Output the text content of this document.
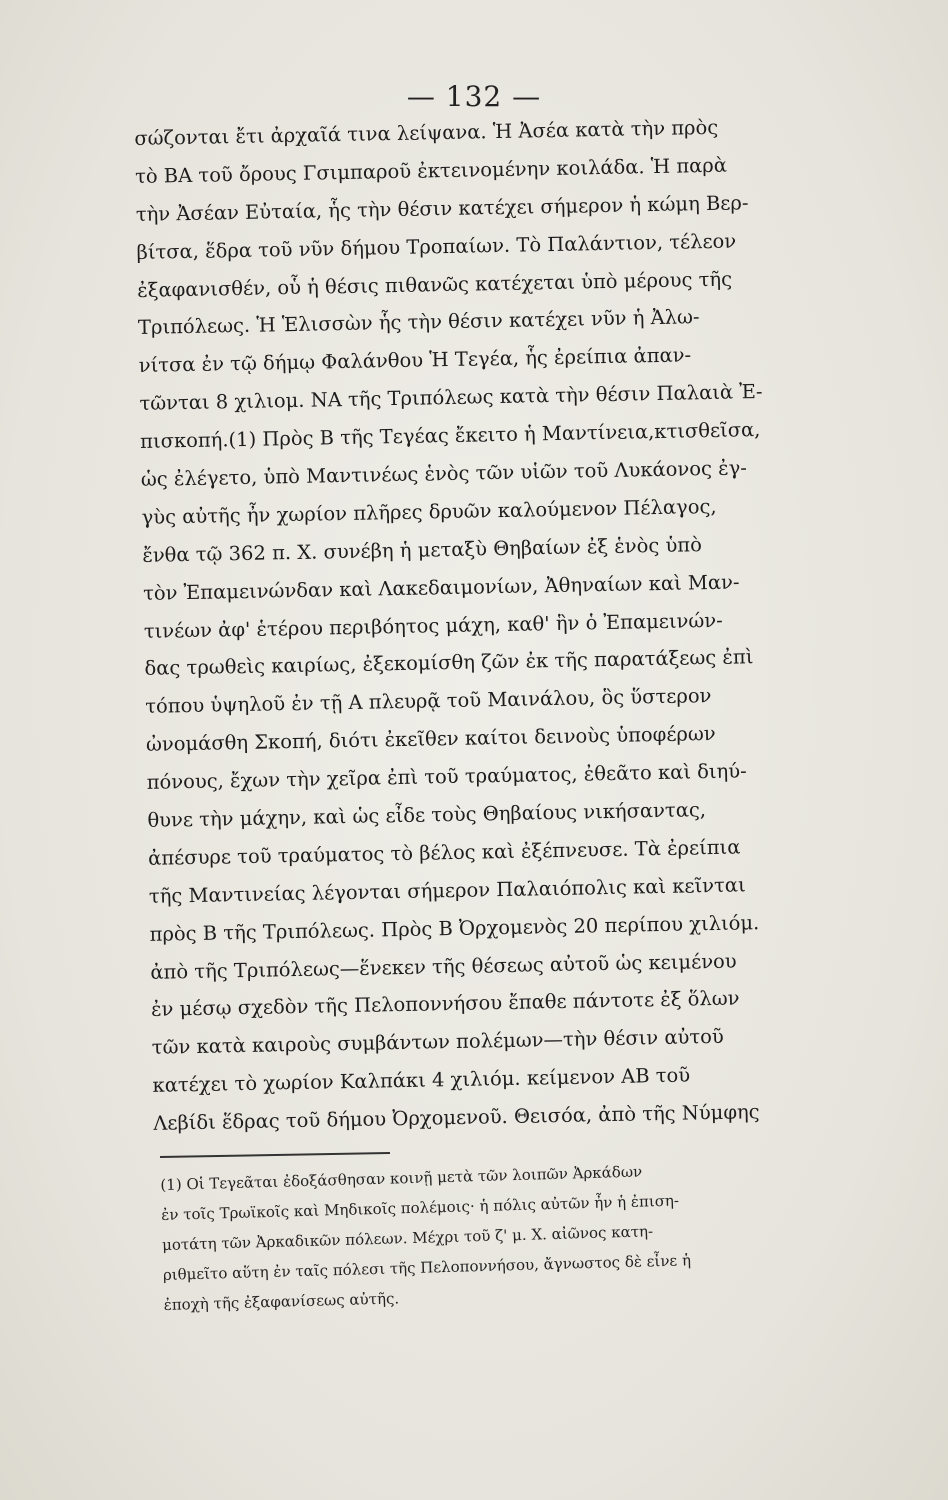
— 132 —
σώζονται ἔτι ἀρχαῖά τινα λείψανα. Ἡ Ἀσέα κατὰ τὴν πρὸς
τὸ ΒΑ τοῦ ὄρους Γσιμπαροῦ ἐκτεινομένην κοιλάδα. Ἡ παρὰ
τὴν Ἀσέαν Εὐταία, ἧς τὴν θέσιν κατέχει σήμερον ἡ κώμη Βερ-
βίτσα, ἕδρα τοῦ νῦν δήμου Τροπαίων. Τὸ Παλάντιον, τέλεον
ἐξαφανισθέν, οὗ ἡ θέσις πιθανῶς κατέχεται ὑπὸ μέρους τῆς
Τριπόλεως. Ἡ Ἑλισσὼν ἧς τὴν θέσιν κατέχει νῦν ἡ Ἀλω-
νίτσα ἐν τῷ δήμῳ Φαλάνθου Ἡ Τεγέα, ἧς ἐρείπια ἀπαν-
τῶνται 8 χιλιομ. ΝΑ τῆς Τριπόλεως κατὰ τὴν θέσιν Παλαιὰ Ἐ-
πισκοπή.(1) Πρὸς Β τῆς Τεγέας ἔκειτο ἡ Μαντίνεια,κτισθεῖσα,
ὡς ἐλέγετο, ὑπὸ Μαντινέως ἑνὸς τῶν υἱῶν τοῦ Λυκάονος ἐγ-
γὺς αὐτῆς ἦν χωρίον πλῆρες δρυῶν καλούμενον Πέλαγος,
ἔνθα τῷ 362 π. Χ. συνέβη ἡ μεταξὺ Θηβαίων ἐξ ἑνὸς ὑπὸ
τὸν Ἐπαμεινώνδαν καὶ Λακεδαιμονίων, Ἀθηναίων καὶ Μαν-
τινέων ἀφ' ἑτέρου περιβόητος μάχη, καθ' ἣν ὁ Ἐπαμεινών-
δας τρωθεὶς καιρίως, ἐξεκομίσθη ζῶν ἐκ τῆς παρατάξεως ἐπὶ
τόπου ὑψηλοῦ ἐν τῇ Α πλευρᾷ τοῦ Μαινάλου, ὃς ὕστερον
ὠνομάσθη Σκοπή, διότι ἐκεῖθεν καίτοι δεινοὺς ὑποφέρων
πόνους, ἔχων τὴν χεῖρα ἐπὶ τοῦ τραύματος, ἐθεᾶτο καὶ διηύ-
θυνε τὴν μάχην, καὶ ὡς εἶδε τοὺς Θηβαίους νικήσαντας,
ἀπέσυρε τοῦ τραύματος τὸ βέλος καὶ ἐξέπνευσε. Τὰ ἐρείπια
τῆς Μαντινείας λέγονται σήμερον Παλαιόπολις καὶ κεῖνται
πρὸς Β τῆς Τριπόλεως. Πρὸς Β Ὀρχομενὸς 20 περίπου χιλιόμ.
ἀπὸ τῆς Τριπόλεως—ἕνεκεν τῆς θέσεως αὐτοῦ ὡς κειμένου
ἐν μέσῳ σχεδὸν τῆς Πελοποννήσου ἔπαθε πάντοτε ἐξ ὅλων
τῶν κατὰ καιροὺς συμβάντων πολέμων—τὴν θέσιν αὐτοῦ
κατέχει τὸ χωρίον Καλπάκι 4 χιλιόμ. κείμενον ΑΒ τοῦ
Λεβίδι ἕδρας τοῦ δήμου Ὀρχομενοῦ. Θεισόα, ἀπὸ τῆς Νύμφης
(1) Οἱ Τεγεᾶται ἐδοξάσθησαν κοινῇ μετὰ τῶν λοιπῶν Ἀρκάδων
ἐν τοῖς Τρωϊκοῖς καὶ Μηδικοῖς πολέμοις· ἡ πόλις αὐτῶν ἦν ἡ ἐπιση-
μοτάτη τῶν Ἀρκαδικῶν πόλεων. Μέχρι τοῦ ζ' μ. Χ. αἰῶνος κατη-
ριθμεῖτο αὕτη ἐν ταῖς πόλεσι τῆς Πελοποννήσου, ἄγνωστος δὲ εἶνε ἡ
ἐποχὴ τῆς ἐξαφανίσεως αὐτῆς.
